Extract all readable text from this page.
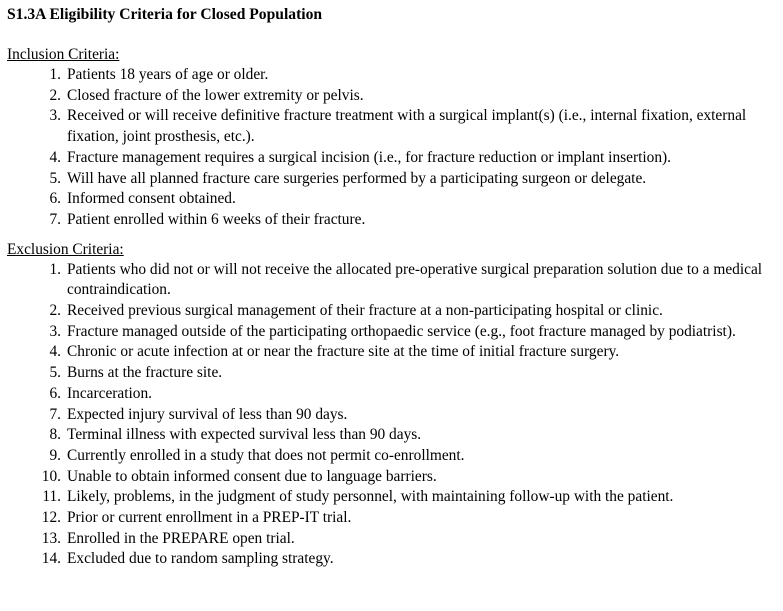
S1.3A Eligibility Criteria for Closed Population
Inclusion Criteria:
1. Patients 18 years of age or older.
2. Closed fracture of the lower extremity or pelvis.
3. Received or will receive definitive fracture treatment with a surgical implant(s) (i.e., internal fixation, external fixation, joint prosthesis, etc.).
4. Fracture management requires a surgical incision (i.e., for fracture reduction or implant insertion).
5. Will have all planned fracture care surgeries performed by a participating surgeon or delegate.
6. Informed consent obtained.
7. Patient enrolled within 6 weeks of their fracture.
Exclusion Criteria:
1. Patients who did not or will not receive the allocated pre-operative surgical preparation solution due to a medical contraindication.
2. Received previous surgical management of their fracture at a non-participating hospital or clinic.
3. Fracture managed outside of the participating orthopaedic service (e.g., foot fracture managed by podiatrist).
4. Chronic or acute infection at or near the fracture site at the time of initial fracture surgery.
5. Burns at the fracture site.
6. Incarceration.
7. Expected injury survival of less than 90 days.
8. Terminal illness with expected survival less than 90 days.
9. Currently enrolled in a study that does not permit co-enrollment.
10. Unable to obtain informed consent due to language barriers.
11. Likely, problems, in the judgment of study personnel, with maintaining follow-up with the patient.
12. Prior or current enrollment in a PREP-IT trial.
13. Enrolled in the PREPARE open trial.
14. Excluded due to random sampling strategy.
